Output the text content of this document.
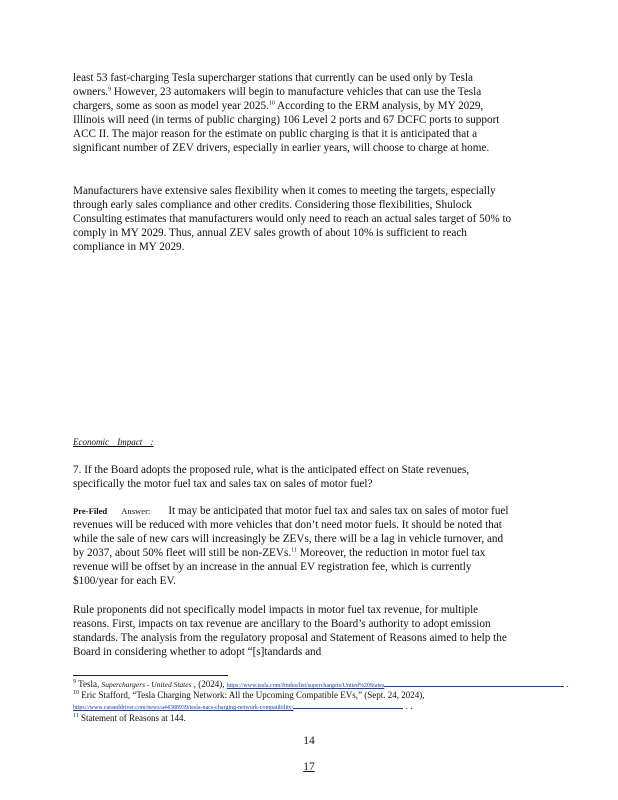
least 53 fast-charging Tesla supercharger stations that currently can be used only by Tesla owners.$^9$ However, 23 automakers will begin to manufacture vehicles that can use the Tesla chargers, some as soon as model year 2025.10 According to the ERM analysis, by MY 2029, Illinois will need (in terms of public charging) 106 Level 2 ports and 67 DCFC ports to support ACC II. The major reason for the estimate on public charging is that it is anticipated that a significant number of ZEV drivers, especially in earlier years, will choose to charge at home.

Manufacturers have extensive sales flexibility when it comes to meeting the targets, especially through early sales compliance and other credits. Considering those flexibilities, Shulock Consulting estimates that manufacturers would only need to reach an actual sales target of 50% to comply in MY 2029. Thus, annual ZEV sales growth of about 10% is sufficient to reach compliance in MY 2029.

Economic Impact :

7. If the Board adopts the proposed rule, what is the anticipated effect on State revenues, specifically the motor fuel tax and sales tax on sales of motor fuel?

Pre-Filed Answer: It may be anticipated that motor fuel tax and sales tax on sales of motor fuel revenues will be reduced with more vehicles that don’t need motor fuels. It should be noted that while the sale of new cars will increasingly be ZEVs, there will be a lag in vehicle turnover, and by 2037, about 50% fleet will still be non-ZEVs.$^{11}$ Moreover, the reduction in motor fuel tax revenue will be offset by an increase in the annual EV registration fee, which is currently $100/year for each EV.

Rule proponents did not specifically model impacts in motor fuel tax revenue, for multiple reasons. First, impacts on tax revenue are ancillary to the Board’s authority to adopt emission standards. The analysis from the regulatory proposal and Statement of Reasons aimed to help the Board in considering whether to adopt “[s]tandards and

$^9$ Tesla, Superchargers - United States , (2024), https://www.tesla.com/findus/list/superchargers/United%20States	.
$^{10}$ Eric Stafford, “Tesla Charging Network: All the Upcoming Compatible EVs,” (Sept. 24, 2024),
https://www.caranddriver.com/news/a44388939/tesla-nacs-charging-network-compatibility/	. .
$^{11}$ Statement of Reasons at 144.
14
17
